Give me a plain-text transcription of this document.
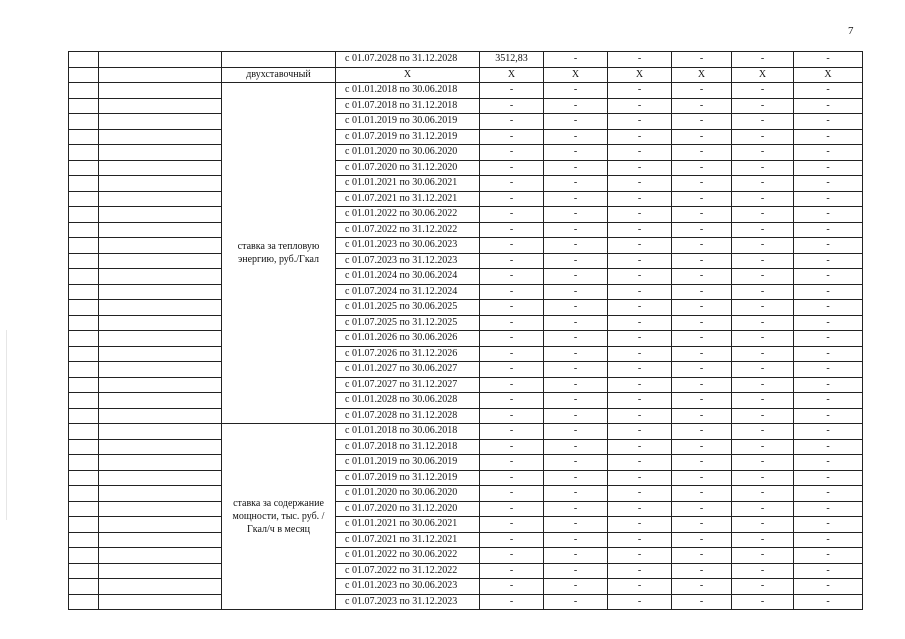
7
			с 01.07.2028 по 31.12.2028	3512,83	-	-	-	-	-
		двухставочный	Х	Х	Х	Х	Х	Х	Х
		ставка за тепловую энергию, руб./Гкал	с 01.01.2018 по 30.06.2018	-	-	-	-	-	-
			с 01.07.2018 по 31.12.2018	-	-	-	-	-	-
			с 01.01.2019 по 30.06.2019	-	-	-	-	-	-
			с 01.07.2019 по 31.12.2019	-	-	-	-	-	-
			с 01.01.2020 по 30.06.2020	-	-	-	-	-	-
			с 01.07.2020 по 31.12.2020	-	-	-	-	-	-
			с 01.01.2021 по 30.06.2021	-	-	-	-	-	-
			с 01.07.2021 по 31.12.2021	-	-	-	-	-	-
			с 01.01.2022 по 30.06.2022	-	-	-	-	-	-
			с 01.07.2022 по 31.12.2022	-	-	-	-	-	-
			с 01.01.2023 по 30.06.2023	-	-	-	-	-	-
			с 01.07.2023 по 31.12.2023	-	-	-	-	-	-
			с 01.01.2024 по 30.06.2024	-	-	-	-	-	-
			с 01.07.2024 по 31.12.2024	-	-	-	-	-	-
			с 01.01.2025 по 30.06.2025	-	-	-	-	-	-
			с 01.07.2025 по 31.12.2025	-	-	-	-	-	-
			с 01.01.2026 по 30.06.2026	-	-	-	-	-	-
			с 01.07.2026 по 31.12.2026	-	-	-	-	-	-
			с 01.01.2027 по 30.06.2027	-	-	-	-	-	-
			с 01.07.2027 по 31.12.2027	-	-	-	-	-	-
			с 01.01.2028 по 30.06.2028	-	-	-	-	-	-
			с 01.07.2028 по 31.12.2028	-	-	-	-	-	-
		ставка за содержание мощности, тыс. руб. /Гкал/ч в месяц	с 01.01.2018 по 30.06.2018	-	-	-	-	-	-
			с 01.07.2018 по 31.12.2018	-	-	-	-	-	-
			с 01.01.2019 по 30.06.2019	-	-	-	-	-	-
			с 01.07.2019 по 31.12.2019	-	-	-	-	-	-
			с 01.01.2020 по 30.06.2020	-	-	-	-	-	-
			с 01.07.2020 по 31.12.2020	-	-	-	-	-	-
			с 01.01.2021 по 30.06.2021	-	-	-	-	-	-
			с 01.07.2021 по 31.12.2021	-	-	-	-	-	-
			с 01.01.2022 по 30.06.2022	-	-	-	-	-	-
			с 01.07.2022 по 31.12.2022	-	-	-	-	-	-
			с 01.01.2023 по 30.06.2023	-	-	-	-	-	-
			с 01.07.2023 по 31.12.2023	-	-	-	-	-	-
